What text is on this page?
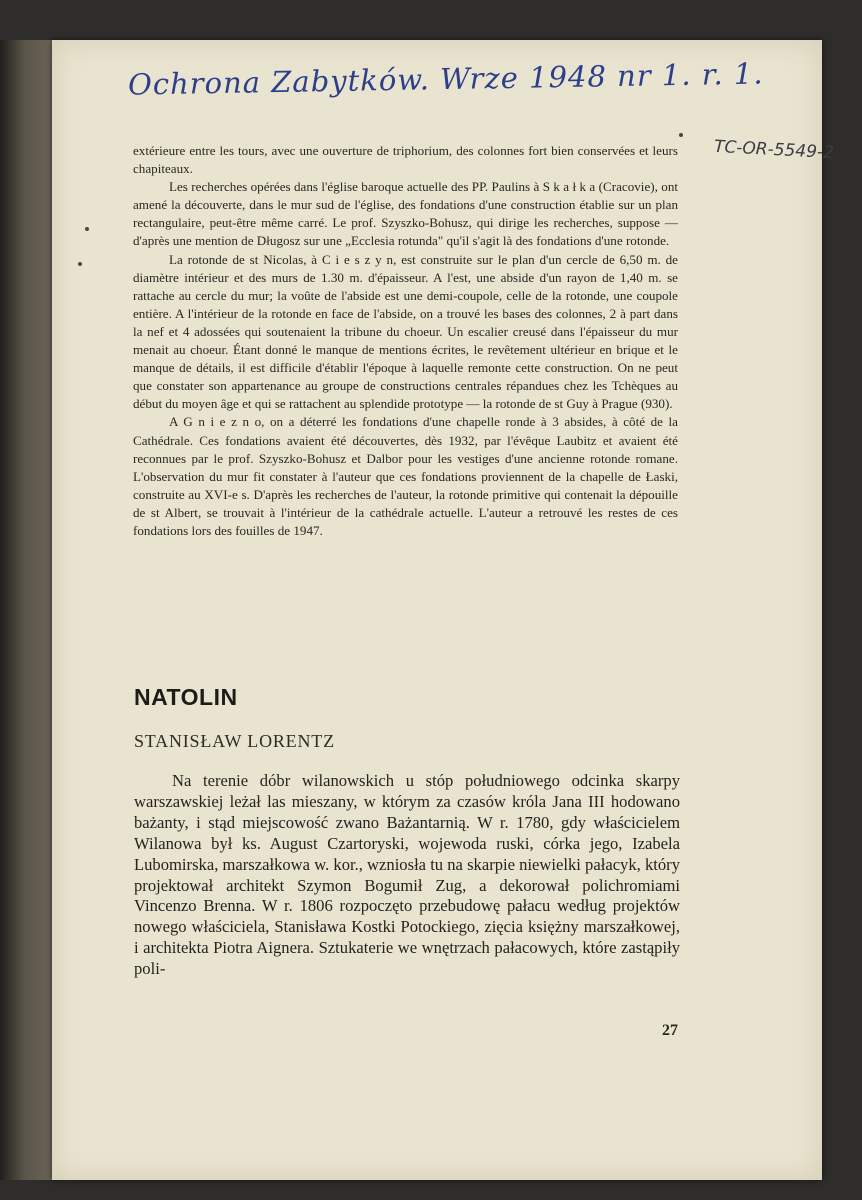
Ochrona Zabytków. Wrze 1948 nr 1. r. 1.
TC-OR-5549-2

extérieure entre les tours, avec une ouverture de triphorium, des colonnes fort bien conservées et leurs chapiteaux.

Les recherches opérées dans l'église baroque actuelle des PP. Paulins à S k a ł k a (Cracovie), ont amené la découverte, dans le mur sud de l'église, des fondations d'une construction établie sur un plan rectangulaire, peut-être même carré. Le prof. Szyszko-Bohusz, qui dirige les recherches, suppose — d'après une mention de Długosz sur une „Ecclesia rotunda" qu'il s'agit là des fondations d'une rotonde.

La rotonde de st Nicolas, à C i e s z y n, est construite sur le plan d'un cercle de 6,50 m. de diamètre intérieur et des murs de 1.30 m. d'épaisseur. A l'est, une abside d'un rayon de 1,40 m. se rattache au cercle du mur; la voûte de l'abside est une demi-coupole, celle de la rotonde, une coupole entière. A l'intérieur de la rotonde en face de l'abside, on a trouvé les bases des colonnes, 2 à part dans la nef et 4 adossées qui soutenaient la tribune du choeur. Un escalier creusé dans l'épaisseur du mur menait au choeur. Étant donné le manque de mentions écrites, le revêtement ultérieur en brique et le manque de détails, il est difficile d'établir l'époque à laquelle remonte cette construction. On ne peut que constater son appartenance au groupe de constructions centrales répandues chez les Tchèques au début du moyen âge et qui se rattachent au splendide prototype — la rotonde de st Guy à Prague (930).

A G n i e z n o, on a déterré les fondations d'une chapelle ronde à 3 absides, à côté de la Cathédrale. Ces fondations avaient été découvertes, dès 1932, par l'évêque Laubitz et avaient été reconnues par le prof. Szyszko-Bohusz et Dalbor pour les vestiges d'une ancienne rotonde romane. L'observation du mur fit constater à l'auteur que ces fondations proviennent de la chapelle de Łaski, construite au XVI-e s. D'après les recherches de l'auteur, la rotonde primitive qui contenait la dépouille de st Albert, se trouvait à l'intérieur de la cathédrale actuelle. L'auteur a retrouvé les restes de ces fondations lors des fouilles de 1947.

NATOLIN
STANISŁAW LORENTZ

Na terenie dóbr wilanowskich u stóp południowego odcinka skarpy warszawskiej leżał las mieszany, w którym za czasów króla Jana III hodowano bażanty, i stąd miejscowość zwano Bażantarnią. W r. 1780, gdy właścicielem Wilanowa był ks. August Czartoryski, wojewoda ruski, córka jego, Izabela Lubomirska, marszałkowa w. kor., wzniosła tu na skarpie niewielki pałacyk, który projektował architekt Szymon Bogumił Zug, a dekorował polichromiami Vincenzo Brenna. W r. 1806 rozpoczęto przebudowę pałacu według projektów nowego właściciela, Stanisława Kostki Potockiego, zięcia księżny marszałkowej, i architekta Piotra Aignera. Sztukaterie we wnętrzach pałacowych, które zastąpiły poli-

27
